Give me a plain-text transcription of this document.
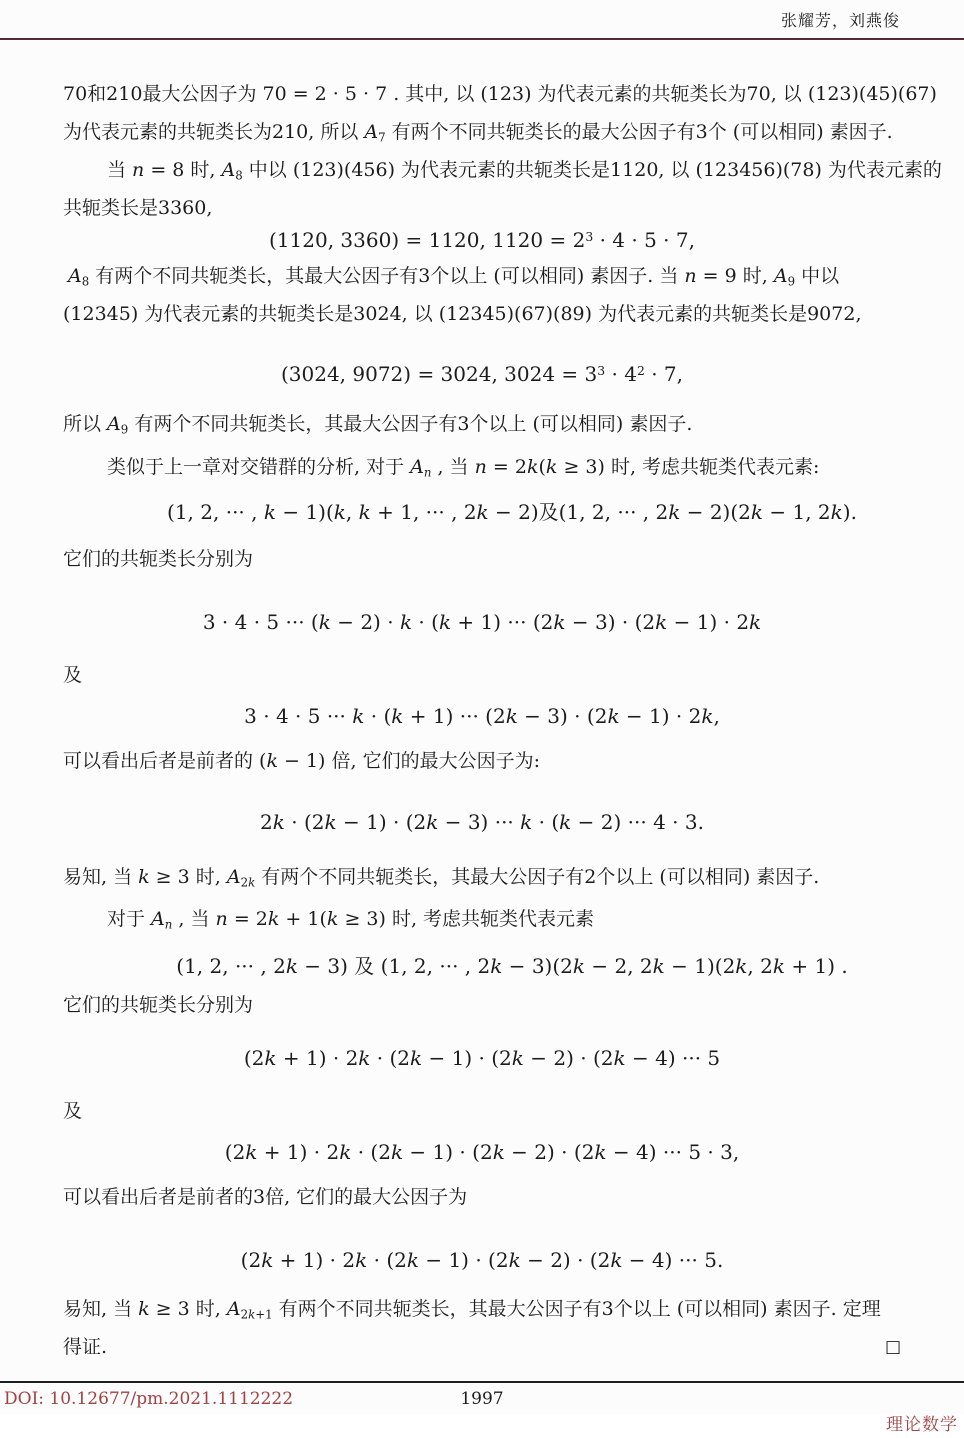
张耀芳，刘燕俊
70和210最大公因子为 70 = 2 · 5 · 7 . 其中, 以 (123) 为代表元素的共轭类长为70, 以 (123)(45)(67)
为代表元素的共轭类长为210, 所以 $A_7$ 有两个不同共轭类长的最大公因子有3个 (可以相同) 素因子.
当 n = 8 时, $A_8$ 中以 (123)(456) 为代表元素的共轭类长是1120, 以 (123456)(78) 为代表元素的
共轭类长是3360,
(1120, 3360) = 1120, $1120 = 2^3 \cdot 4 \cdot 5 \cdot 7$,
$A_8$ 有两个不同共轭类长，其最大公因子有3个以上 (可以相同) 素因子. 当 n = 9 时, $A_9$ 中以
(12345) 为代表元素的共轭类长是3024, 以 (12345)(67)(89) 为代表元素的共轭类长是9072,
(3024, 9072) = 3024, $3024 = 3^3 \cdot 4^2 \cdot 7$,
所以 $A_9$ 有两个不同共轭类长，其最大公因子有3个以上 (可以相同) 素因子.
类似于上一章对交错群的分析, 对于 $A_n$ , 当 n = 2k(k ≥ 3) 时, 考虑共轭类代表元素:
(1, 2, ··· , k − 1)(k, k + 1, ··· , 2k − 2)及(1, 2, ··· , 2k − 2)(2k − 1, 2k).
它们的共轭类长分别为
3 · 4 · 5 ··· (k − 2) · k · (k + 1) ··· (2k − 3) · (2k − 1) · 2k
及
3 · 4 · 5 ··· k · (k + 1) ··· (2k − 3) · (2k − 1) · 2k,
可以看出后者是前者的 (k − 1) 倍, 它们的最大公因子为:
2k · (2k − 1) · (2k − 3) ··· k · (k − 2) ··· 4 · 3.
易知, 当 k ≥ 3 时, $A_{2k}$ 有两个不同共轭类长，其最大公因子有2个以上 (可以相同) 素因子.
对于 $A_n$ , 当 n = 2k + 1(k ≥ 3) 时, 考虑共轭类代表元素
(1, 2, ··· , 2k − 3) 及 (1, 2, ··· , 2k − 3)(2k − 2, 2k − 1)(2k, 2k + 1) .
它们的共轭类长分别为
(2k + 1) · 2k · (2k − 1) · (2k − 2) · (2k − 4) ··· 5
及
(2k + 1) · 2k · (2k − 1) · (2k − 2) · (2k − 4) ··· 5 · 3,
可以看出后者是前者的3倍, 它们的最大公因子为
(2k + 1) · 2k · (2k − 1) · (2k − 2) · (2k − 4) ··· 5.
易知, 当 k ≥ 3 时, $A_{2k+1}$ 有两个不同共轭类长，其最大公因子有3个以上 (可以相同) 素因子. 定理
得证.	□
DOI: 10.12677/pm.2021.1112222	1997
理论数学
